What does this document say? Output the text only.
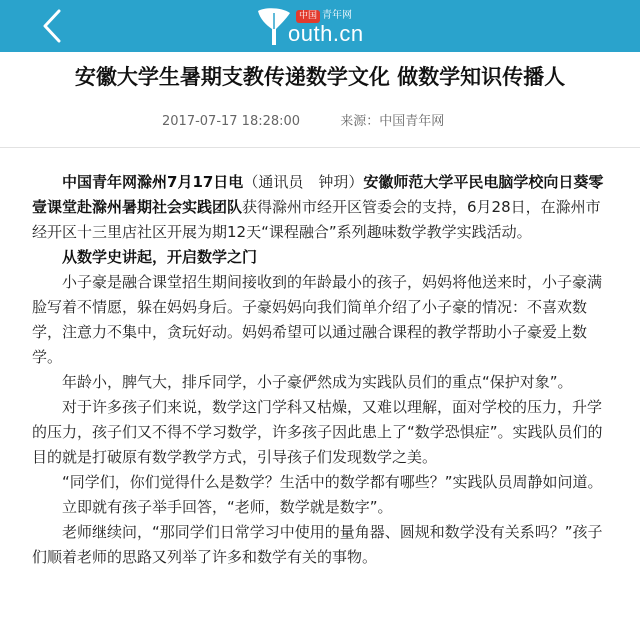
中国 青年网
outh.cn
安徽大学生暑期支教传递数学文化 做数学知识传播人
2017-07-17 18:28:00	来源：中国青年网

中国青年网滁州7月17日电（通讯员　钟玥）安徽师范大学平民电脑学校向日葵零壹课堂赴滁州暑期社会实践团队获得滁州市经开区管委会的支持，6月28日，在滁州市经开区十三里店社区开展为期12天“课程融合”系列趣味数学教学实践活动。

从数学史讲起，开启数学之门

小子豪是融合课堂招生期间接收到的年龄最小的孩子，妈妈将他送来时，小子豪满脸写着不情愿，躲在妈妈身后。子豪妈妈向我们简单介绍了小子豪的情况：不喜欢数学，注意力不集中，贪玩好动。妈妈希望可以通过融合课程的教学帮助小子豪爱上数学。

年龄小，脾气大，排斥同学，小子豪俨然成为实践队员们的重点“保护对象”。

对于许多孩子们来说，数学这门学科又枯燥，又难以理解，面对学校的压力，升学的压力，孩子们又不得不学习数学，许多孩子因此患上了“数学恐惧症”。实践队员们的目的就是打破原有数学教学方式，引导孩子们发现数学之美。

“同学们，你们觉得什么是数学？生活中的数学都有哪些？”实践队员周静如问道。

立即就有孩子举手回答，“老师，数学就是数字”。

老师继续问，“那同学们日常学习中使用的量角器、圆规和数学没有关系吗？”孩子们顺着老师的思路又列举了许多和数学有关的事物。
